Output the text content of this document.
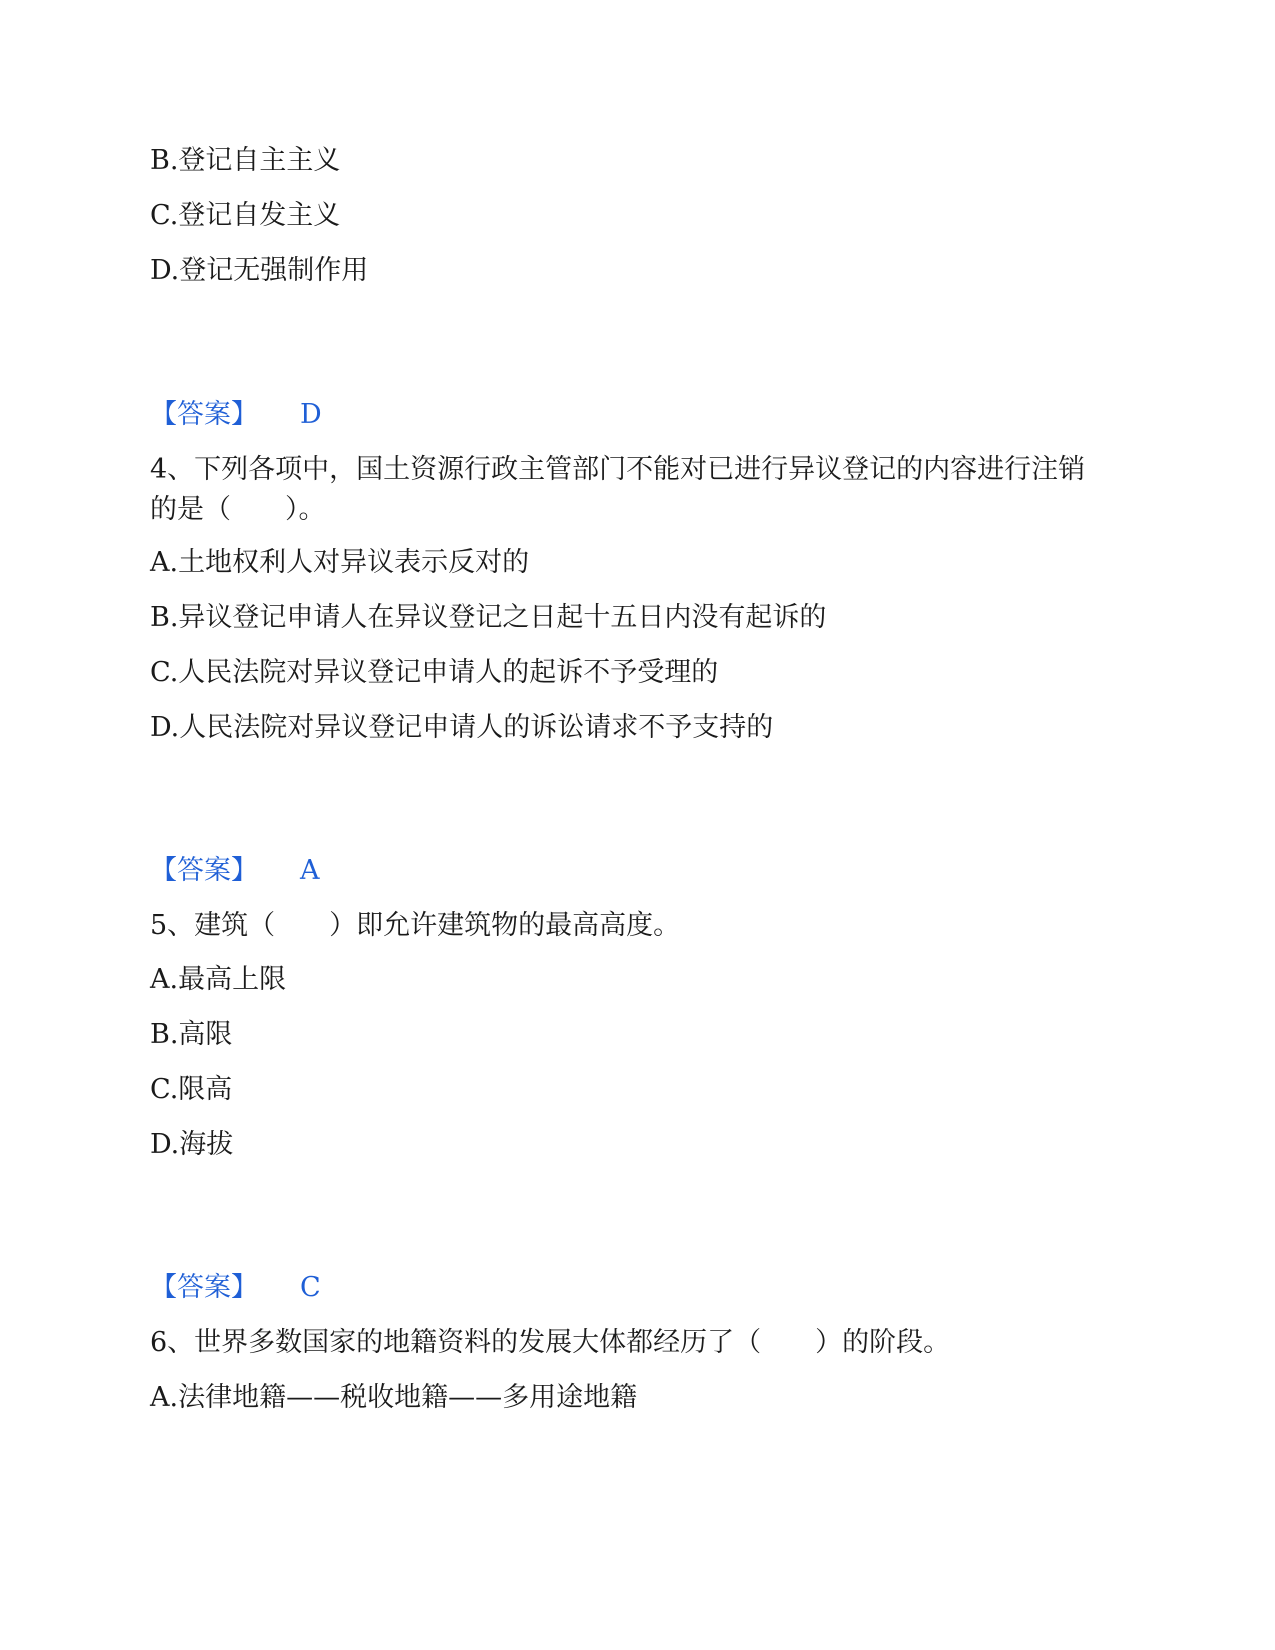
B.登记自主主义
C.登记自发主义
D.登记无强制作用
【答案】 D
4、下列各项中，国土资源行政主管部门不能对已进行异议登记的内容进行注销的是（　　）。
A.土地权利人对异议表示反对的
B.异议登记申请人在异议登记之日起十五日内没有起诉的
C.人民法院对异议登记申请人的起诉不予受理的
D.人民法院对异议登记申请人的诉讼请求不予支持的
【答案】 A
5、建筑（　　）即允许建筑物的最高高度。
A.最高上限
B.高限
C.限高
D.海拔
【答案】 C
6、世界多数国家的地籍资料的发展大体都经历了（　　）的阶段。
A.法律地籍——税收地籍——多用途地籍
